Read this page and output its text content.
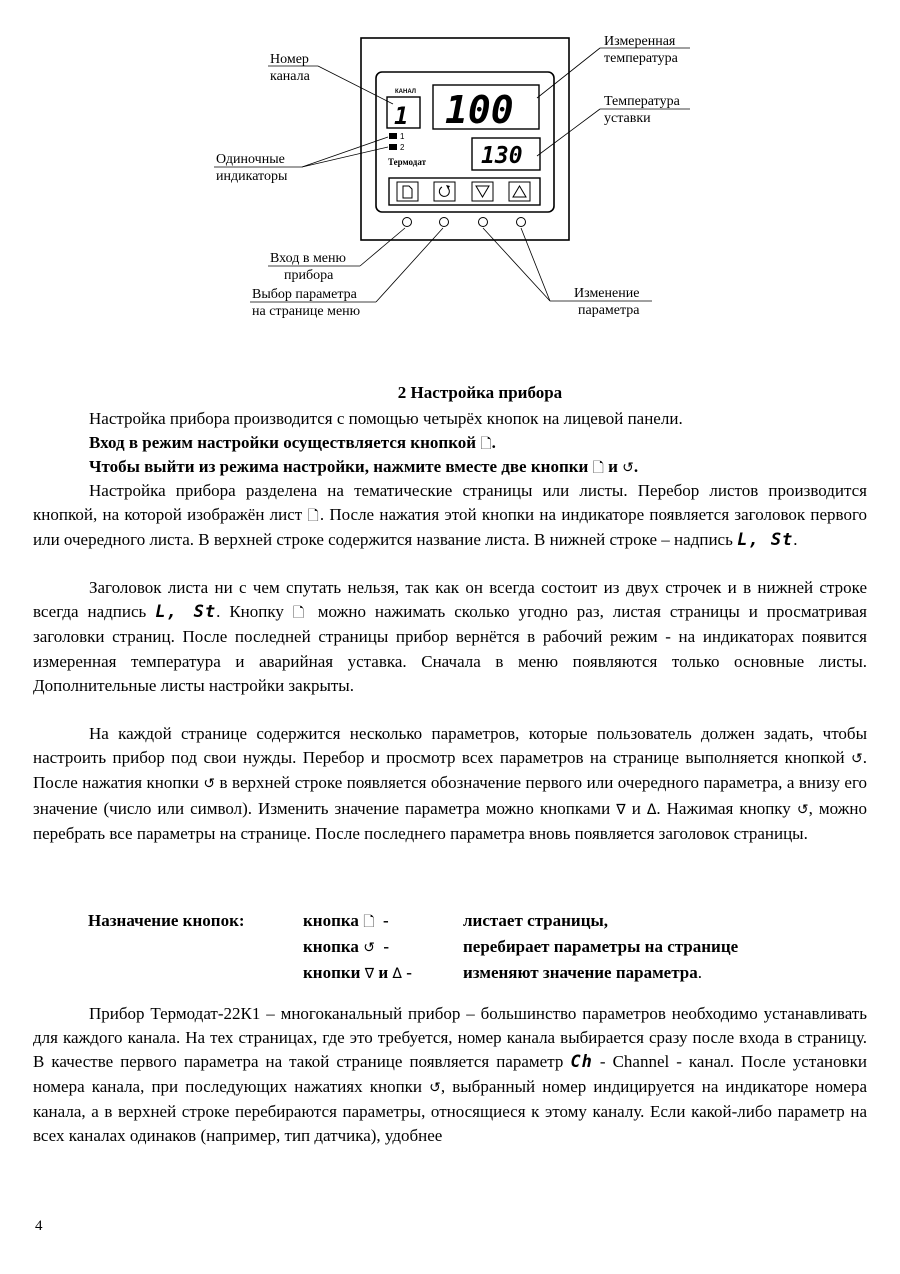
КАНАЛ
1 100
130
1
2
Термодат
Номер
канала
Измеренная
температура
Температура
уставки
Одиночные
индикаторы
Вход в меню
прибора
Выбор параметра
на странице меню
Изменение
параметра
2 Настройка прибора

Настройка прибора производится с помощью четырёх кнопок на лицевой панели.

Вход в режим настройки осуществляется кнопкой 🗋.

Чтобы выйти из режима настройки, нажмите вместе две кнопки 🗋 и ↺.

Настройка прибора разделена на тематические страницы или листы. Перебор листов производится кнопкой, на которой изображён лист 🗋. После нажатия этой кнопки на индикаторе появляется заголовок первого или очередного листа. В верхней строке содержится название листа. В нижней строке – надпись L, St.

Заголовок листа ни с чем спутать нельзя, так как он всегда состоит из двух строчек и в нижней строке всегда надпись L, St. Кнопку 🗋 можно нажимать сколько угодно раз, листая страницы и просматривая заголовки страниц. После последней страницы прибор вернётся в рабочий режим - на индикаторах появится измеренная температура и аварийная уставка. Сначала в меню появляются только основные листы. Дополнительные листы настройки закрыты.

На каждой странице содержится несколько параметров, которые пользователь должен задать, чтобы настроить прибор под свои нужды. Перебор и просмотр всех параметров на странице выполняется кнопкой ↺. После нажатия кнопки ↺ в верхней строке появляется обозначение первого или очередного параметра, а внизу его значение (число или символ). Изменить значение параметра можно кнопками ∇ и Δ. Нажимая кнопку ↺, можно перебрать все параметры на странице. После последнего параметра вновь появляется заголовок страницы.

Назначение кнопок:	кнопка 🗋 -	листает страницы,
	кнопка ↺ -	перебирает параметры на странице
	кнопки ∇ и Δ -	изменяют значение параметра.

Прибор Термодат-22К1 – многоканальный прибор – большинство параметров необходимо устанавливать для каждого канала. На тех страницах, где это требуется, номер канала выбирается сразу после входа в страницу. В качестве первого параметра на такой странице появляется параметр Ch - Channel - канал. После установки номера канала, при последующих нажатиях кнопки ↺, выбранный номер индицируется на индикаторе номера канала, а в верхней строке перебираются параметры, относящиеся к этому каналу. Если какой-либо параметр на всех каналах одинаков (например, тип датчика), удобнее

4
